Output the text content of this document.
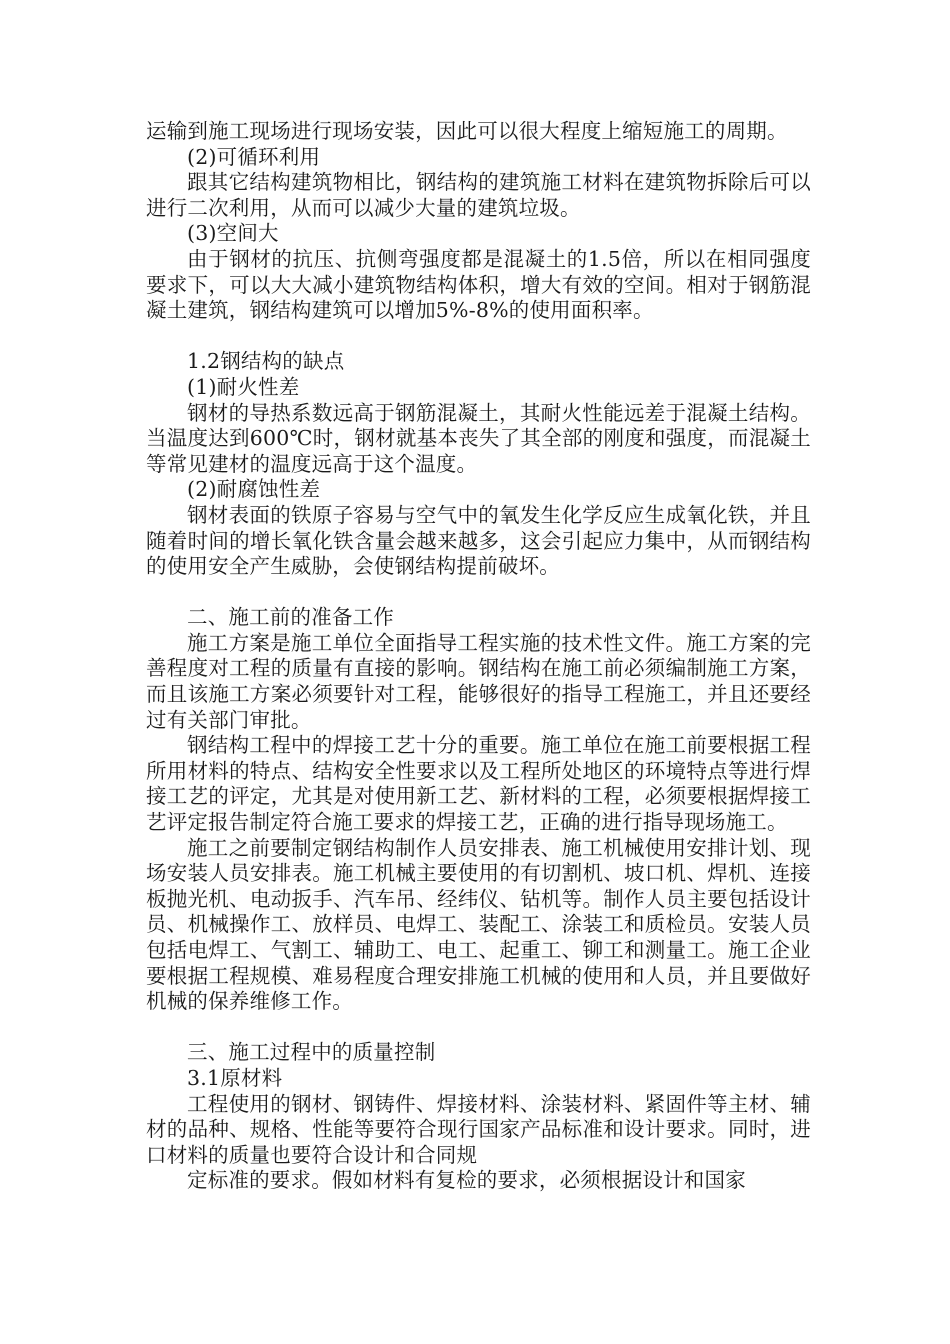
运输到施工现场进行现场安装，因此可以很大程度上缩短施工的周期。

(2)可循环利用

跟其它结构建筑物相比，钢结构的建筑施工材料在建筑物拆除后可以进行二次利用，从而可以减少大量的建筑垃圾。

(3)空间大

由于钢材的抗压、抗侧弯强度都是混凝土的1.5倍，所以在相同强度要求下，可以大大减小建筑物结构体积，增大有效的空间。相对于钢筋混凝土建筑，钢结构建筑可以增加5%-8%的使用面积率。

1.2钢结构的缺点

(1)耐火性差

钢材的导热系数远高于钢筋混凝土，其耐火性能远差于混凝土结构。当温度达到600℃时，钢材就基本丧失了其全部的刚度和强度，而混凝土等常见建材的温度远高于这个温度。

(2)耐腐蚀性差

钢材表面的铁原子容易与空气中的氧发生化学反应生成氧化铁，并且随着时间的增长氧化铁含量会越来越多，这会引起应力集中，从而钢结构的使用安全产生威胁，会使钢结构提前破坏。

二、施工前的准备工作

施工方案是施工单位全面指导工程实施的技术性文件。施工方案的完善程度对工程的质量有直接的影响。钢结构在施工前必须编制施工方案，而且该施工方案必须要针对工程，能够很好的指导工程施工，并且还要经过有关部门审批。

钢结构工程中的焊接工艺十分的重要。施工单位在施工前要根据工程所用材料的特点、结构安全性要求以及工程所处地区的环境特点等进行焊接工艺的评定，尤其是对使用新工艺、新材料的工程，必须要根据焊接工艺评定报告制定符合施工要求的焊接工艺，正确的进行指导现场施工。

施工之前要制定钢结构制作人员安排表、施工机械使用安排计划、现场安装人员安排表。施工机械主要使用的有切割机、坡口机、焊机、连接板抛光机、电动扳手、汽车吊、经纬仪、钻机等。制作人员主要包括设计员、机械操作工、放样员、电焊工、装配工、涂装工和质检员。安装人员包括电焊工、气割工、辅助工、电工、起重工、铆工和测量工。施工企业要根据工程规模、难易程度合理安排施工机械的使用和人员，并且要做好机械的保养维修工作。

三、施工过程中的质量控制

3.1原材料

工程使用的钢材、钢铸件、焊接材料、涂装材料、紧固件等主材、辅材的品种、规格、性能等要符合现行国家产品标准和设计要求。同时，进口材料的质量也要符合设计和合同规

定标准的要求。假如材料有复检的要求，必须根据设计和国家
